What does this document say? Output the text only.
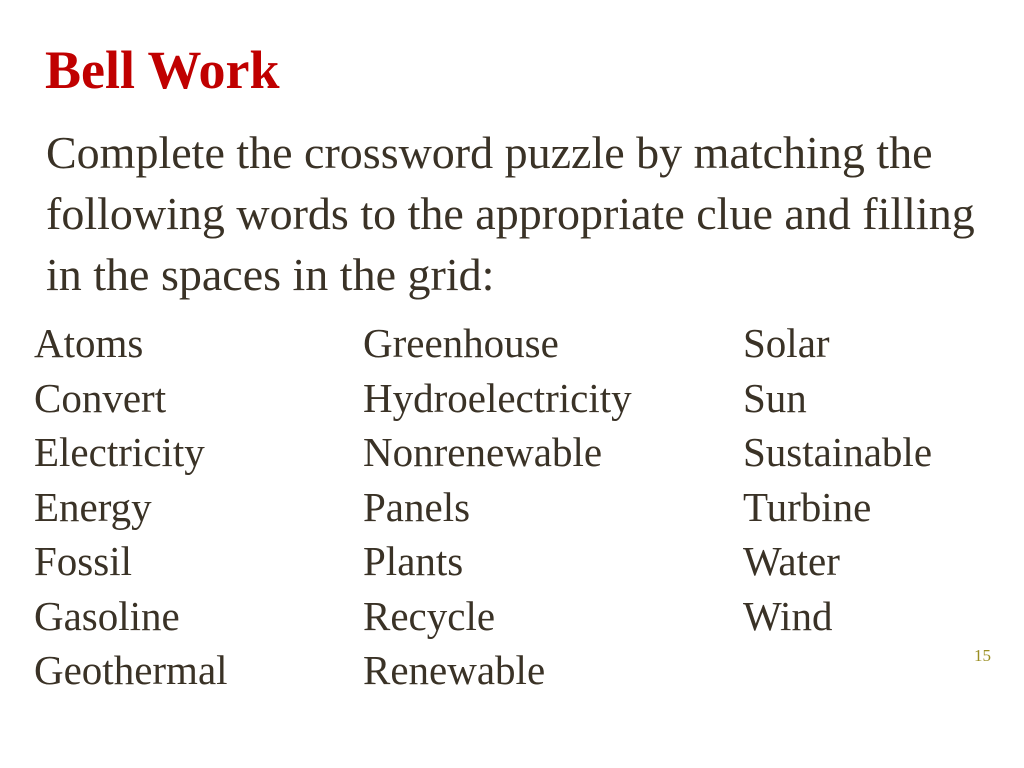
Bell Work

Complete the crossword puzzle by matching the following words to the appropriate clue and filling in the spaces in the grid:

Atoms
Convert
Electricity
Energy
Fossil
Gasoline
Geothermal
Greenhouse
Hydroelectricity
Nonrenewable
Panels
Plants
Recycle
Renewable
Solar
Sun
Sustainable
Turbine
Water
Wind
15
